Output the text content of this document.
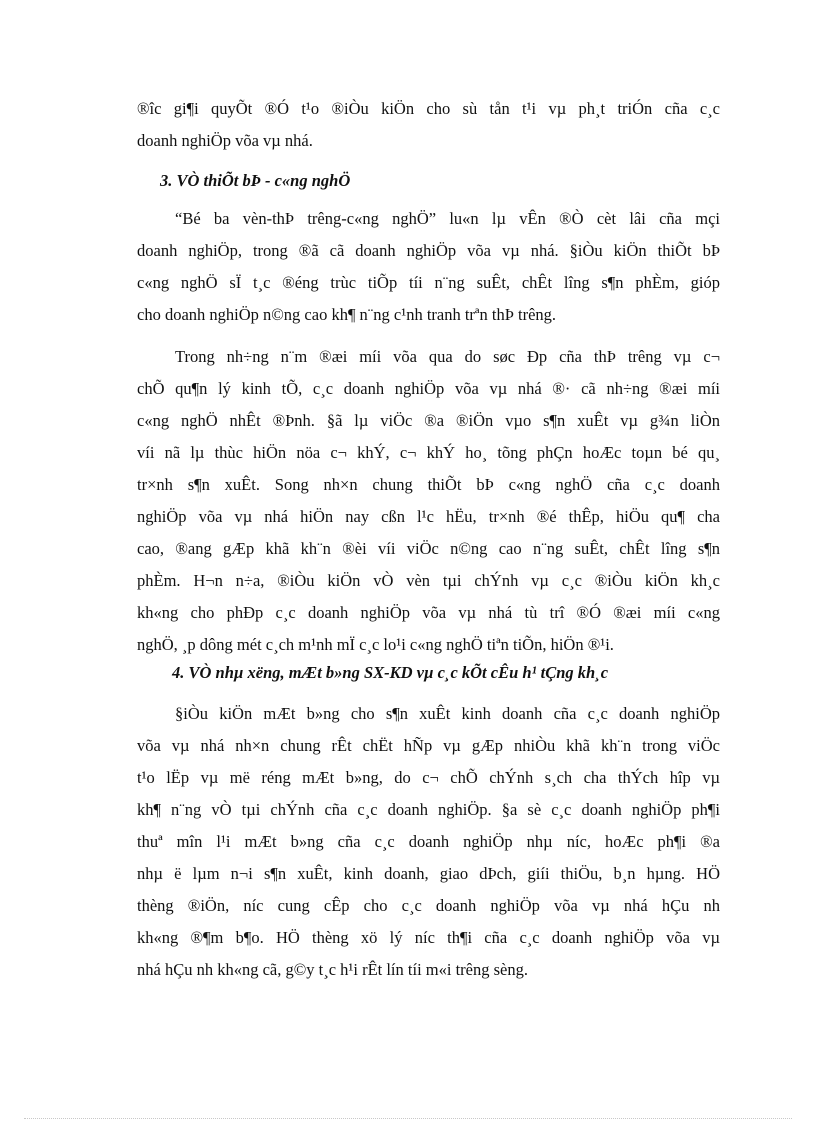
®îc gi¶i quyÕt ®Ó t¹o ®iÒu kiÖn cho sù tån t¹i vµ ph¸t triÓn cña c¸c
doanh nghiÖp võa vµ nhá.
3. VÒ thiÕt bÞ - c«ng nghÖ
“Bé ba vèn-thÞ trêng-c«ng nghÖ” lu«n lµ vÊn ®Ò cèt lâi cña mçi
doanh nghiÖp, trong ®ã cã doanh nghiÖp võa vµ nhá. §iÒu kiÖn thiÕt bÞ
c«ng nghÖ sÏ t¸c ®éng trùc tiÕp tíi n¨ng suÊt, chÊt lîng s¶n phÈm, gióp
cho doanh nghiÖp n©ng cao kh¶ n¨ng c¹nh tranh trªn thÞ trêng.
Trong nh÷ng n¨m ®æi míi võa qua do søc Ðp cña thÞ trêng vµ c¬
chÕ qu¶n lý kinh tÕ, c¸c doanh nghiÖp võa vµ nhá ®· cã nh÷ng ®æi míi
c«ng nghÖ nhÊt ®Þnh. §ã lµ viÖc ®a ®iÖn vµo s¶n xuÊt vµ g¾n liÒn
víi nã lµ thùc hiÖn nöa c¬ khÝ, c¬ khÝ ho¸ tõng phÇn hoÆc toµn bé qu¸
tr×nh s¶n xuÊt. Song nh×n chung thiÕt bÞ c«ng nghÖ cña c¸c doanh
nghiÖp võa vµ nhá hiÖn nay cßn l¹c hËu, tr×nh ®é thÊp, hiÖu qu¶ cha
cao, ®ang gÆp khã kh¨n ®èi víi viÖc n©ng cao n¨ng suÊt, chÊt lîng s¶n
phÈm. H¬n n÷a, ®iÒu kiÖn vÒ vèn tµi chÝnh vµ c¸c ®iÒu kiÖn kh¸c
kh«ng cho phÐp c¸c doanh nghiÖp võa vµ nhá tù trî ®Ó ®æi míi c«ng
nghÖ, ¸p dông mét c¸ch m¹nh mÏ c¸c lo¹i c«ng nghÖ tiªn tiÕn, hiÖn ®¹i.
4. VÒ nhµ xëng, mÆt b»ng SX-KD vµ c¸c kÕt cÊu h¹ tÇng kh¸c
§iÒu kiÖn mÆt b»ng cho s¶n xuÊt kinh doanh cña c¸c doanh nghiÖp
võa vµ nhá nh×n chung rÊt chËt hÑp vµ gÆp nhiÒu khã kh¨n trong viÖc
t¹o lËp vµ më réng mÆt b»ng, do c¬ chÕ chÝnh s¸ch cha thÝch hîp vµ
kh¶ n¨ng vÒ tµi chÝnh cña c¸c doanh nghiÖp. §a sè c¸c doanh nghiÖp ph¶i
thuª mîn l¹i mÆt b»ng cña c¸c doanh nghiÖp nhµ níc, hoÆc ph¶i ®a
nhµ ë lµm n¬i s¶n xuÊt, kinh doanh, giao dÞch, giíi thiÖu, b¸n hµng. HÖ
thèng ®iÖn, níc cung cÊp cho c¸c doanh nghiÖp võa vµ nhá hÇu nh
kh«ng ®¶m b¶o. HÖ thèng xö lý níc th¶i cña c¸c doanh nghiÖp võa vµ
nhá hÇu nh kh«ng cã, g©y t¸c h¹i rÊt lín tíi m«i trêng sèng.
